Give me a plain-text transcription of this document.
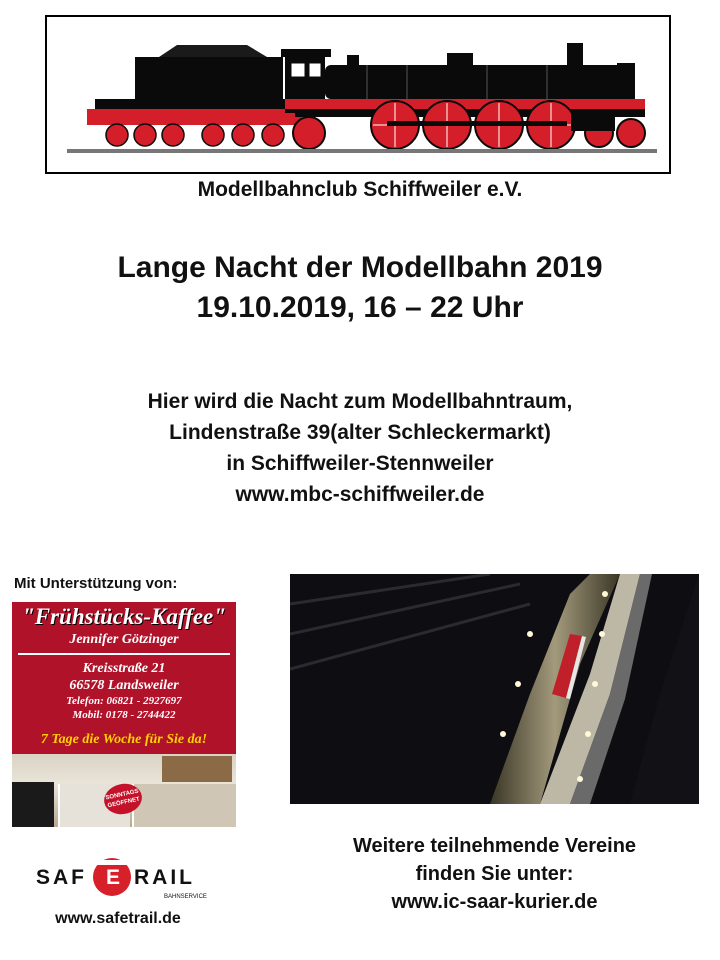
Modellbahnclub Schiffweiler e.V.
Lange Nacht der Modellbahn 2019
19.10.2019, 16 – 22 Uhr
Hier wird die Nacht zum Modellbahntraum,
Lindenstraße 39(alter Schleckermarkt)
in Schiffweiler-Stennweiler
www.mbc-schiffweiler.de
Mit Unterstützung von:
"Frühstücks-Kaffee"
Jennifer Götzinger
Kreisstraße 21
66578 Landsweiler
Telefon: 06821 - 2927697
Mobil: 0178 - 2744422
7 Tage die Woche für Sie da!
SONNTAGS GEÖFFNET
Weitere teilnehmende Vereine
finden Sie unter:
www.ic-saar-kurier.de
SAF E RAIL
BAHNSERVICE
www.safetrail.de
